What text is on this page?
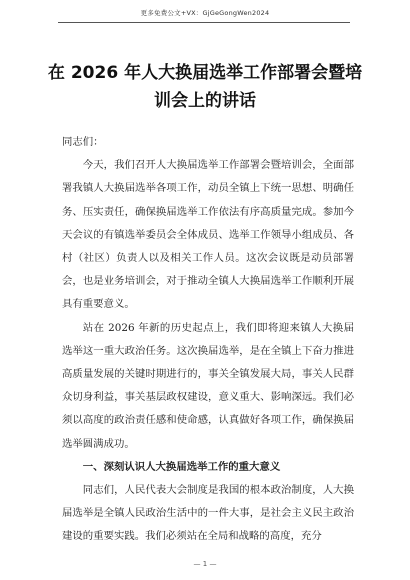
更多免费公文+VX：GjGeGongWen2024
在 2026 年人大换届选举工作部署会暨培
训会上的讲话

同志们：

今天，我们召开人大换届选举工作部署会暨培训会，全面部署我镇人大换届选举各项工作，动员全镇上下统一思想、明确任务、压实责任，确保换届选举工作依法有序高质量完成。参加今天会议的有镇选举委员会全体成员、选举工作领导小组成员、各村（社区）负责人以及相关工作人员。这次会议既是动员部署会，也是业务培训会，对于推动全镇人大换届选举工作顺利开展具有重要意义。

站在 2026 年新的历史起点上，我们即将迎来镇人大换届选举这一重大政治任务。这次换届选举，是在全镇上下奋力推进高质量发展的关键时期进行的，事关全镇发展大局，事关人民群众切身利益，事关基层政权建设，意义重大、影响深远。我们必须以高度的政治责任感和使命感，认真做好各项工作，确保换届选举圆满成功。

一、深刻认识人大换届选举工作的重大意义

同志们，人民代表大会制度是我国的根本政治制度，人大换届选举是全镇人民政治生活中的一件大事，是社会主义民主政治建设的重要实践。我们必须站在全局和战略的高度，充分

— 1 —
